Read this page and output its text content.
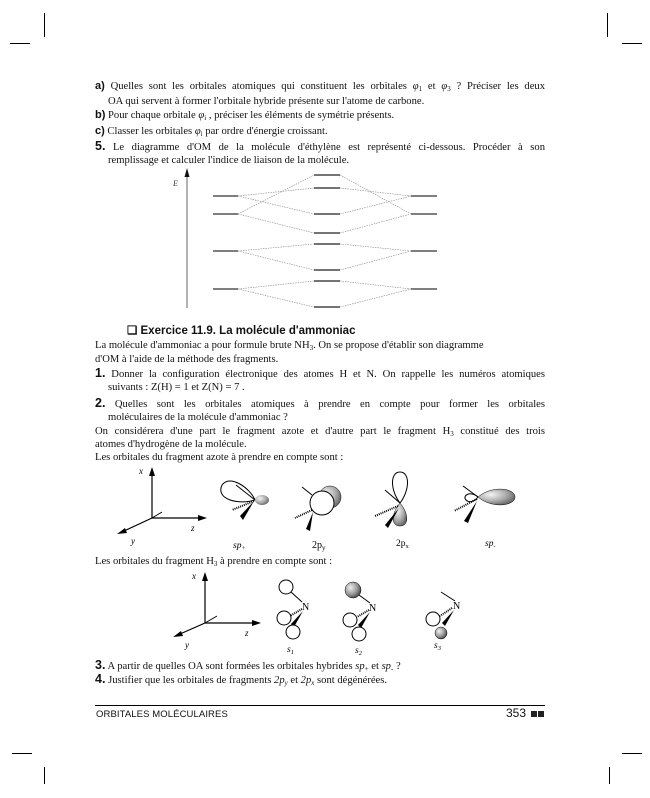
a) Quelles sont les orbitales atomiques qui constituent les orbitales $\varphi_1$ et $\varphi_3$ ? Préciser les deux
OA qui servent à former l'orbitale hybride présente sur l'atome de carbone.
b) Pour chaque orbitale $\varphi_i$ , préciser les éléments de symétrie présents.
c) Classer les orbitales $\varphi_i$ par ordre d'énergie croissant.
5. Le diagramme d'OM de la molécule d'éthylène est représenté ci-dessous. Procéder à son
remplissage et calculer l'indice de liaison de la molécule.
E
❑ Exercice 11.9. La molécule d'ammoniac
La molécule d'ammoniac a pour formule brute $NH_3$. On se propose d'établir son diagramme
d'OM à l'aide de la méthode des fragments.
1. Donner la configuration électronique des atomes H et N. On rappelle les numéros atomiques
suivants : Z(H) = 1 et Z(N) = 7 .
2. Quelles sont les orbitales atomiques à prendre en compte pour former les orbitales
moléculaires de la molécule d'ammoniac ?
On considérera d'une part le fragment azote et d'autre part le fragment $H_3$ constitué des trois
atomes d'hydrogène de la molécule.
Les orbitales du fragment azote à prendre en compte sont :
x
z
y	$sp_+$	$2p_y$	$2p_x$	$sp_-$
Les orbitales du fragment $H_3$ à prendre en compte sont :
x
z
y
N	N	N
$s_1$	$s_2$
$s_3$
3. A partir de quelles OA sont formées les orbitales hybrides $sp_+$ et $sp_-$ ?
4. Justifier que les orbitales de fragments $2p_y$ et $2p_x$ sont dégénérées.
ORBITALES MOLÉCULAIRES	353
